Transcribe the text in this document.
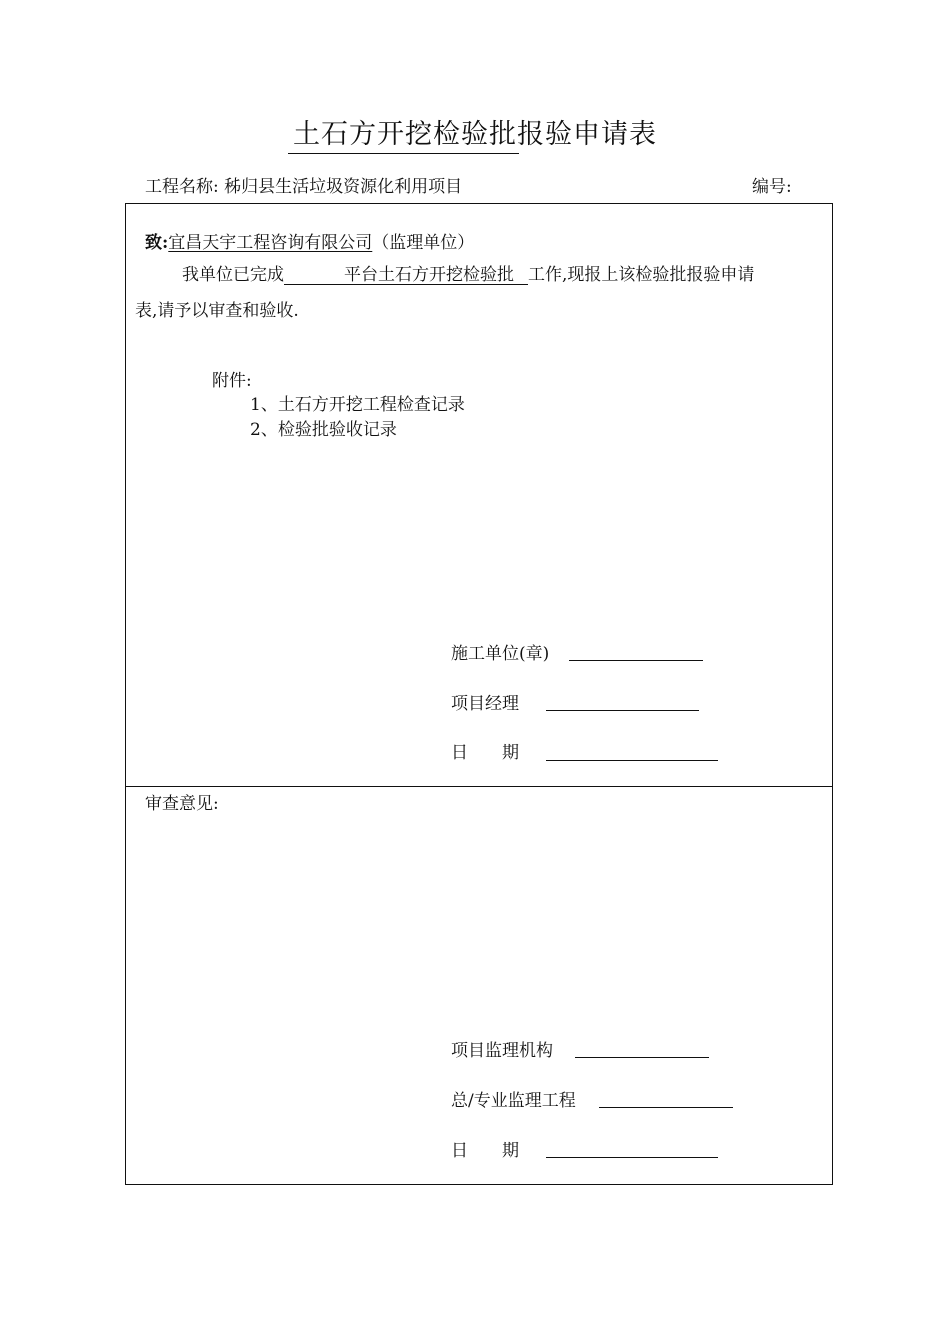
土石方开挖检验批报验申请表
工程名称: 秭归县生活垃圾资源化利用项目	编号:
致:宜昌天宇工程咨询有限公司（监理单位）
我单位已完成	平台土石方开挖检验批 工作,现报上该检验批报验申请
表,请予以审查和验收.
附件:
1、土石方开挖工程检查记录
2、检验批验收记录
施工单位(章)
项目经理
日　　期
审查意见:
项目监理机构
总/专业监理工程
日　　期
